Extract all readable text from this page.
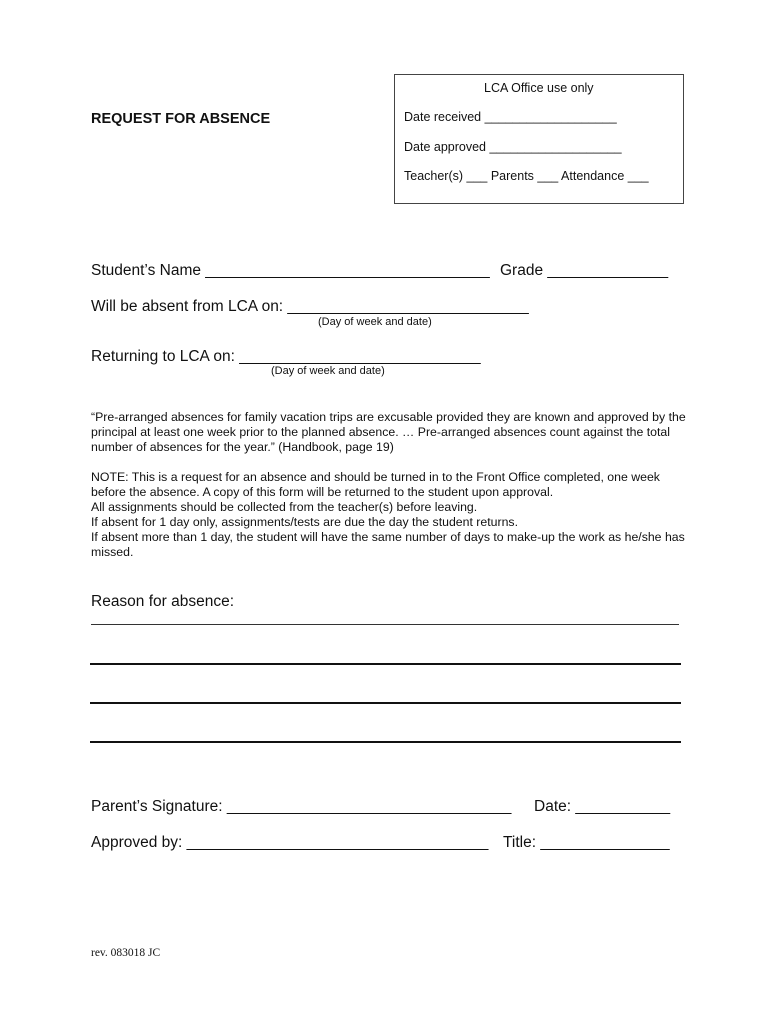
LCA Office use only
Date received ___________________
Date approved ___________________
Teacher(s) ___ Parents ___ Attendance ___
REQUEST FOR ABSENCE
Student’s Name _________________________________ Grade ______________
Will be absent from LCA on: ____________________________
(Day of week and date)
Returning to LCA on: ____________________________
(Day of week and date)

“Pre-arranged absences for family vacation trips are excusable provided they are known and approved by the principal at least one week prior to the planned absence. … Pre-arranged absences count against the total number of absences for the year.” (Handbook, page 19)

NOTE: This is a request for an absence and should be turned in to the Front Office completed, one week before the absence. A copy of this form will be returned to the student upon approval.

All assignments should be collected from the teacher(s) before leaving.

If absent for 1 day only, assignments/tests are due the day the student returns.

If absent more than 1 day, the student will have the same number of days to make-up the work as he/she has missed.

Reason for absence:
Parent’s Signature: _________________________________ Date: ___________
Approved by: ___________________________________ Title: _______________
rev. 083018 JC
